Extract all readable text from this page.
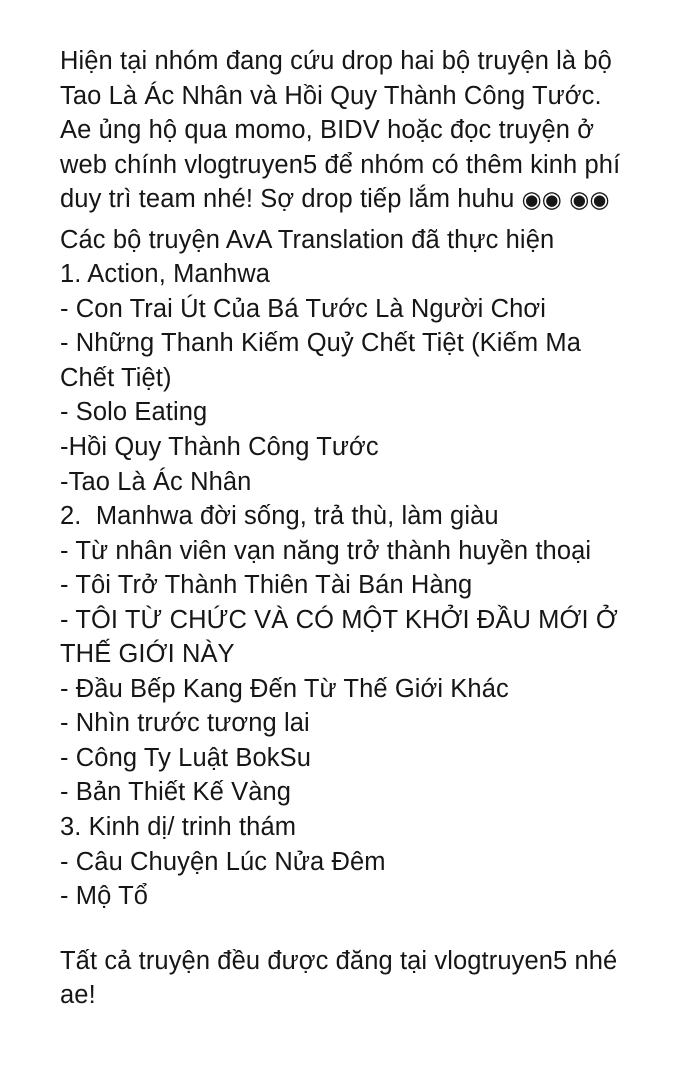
Hiện tại nhóm đang cứu drop hai bộ truyện là bộ Tao Là Ác Nhân và Hồi Quy Thành Công Tước. Ae ủng hộ qua momo, BIDV hoặc đọc truyện ở web chính vlogtruyen5 để nhóm có thêm kinh phí duy trì team nhé! Sợ drop tiếp lắm huhu ◉◉ ◉◉

Các bộ truyện AvA Translation đã thực hiện

1. Action, Manhwa

- Con Trai Út Của Bá Tước Là Người Chơi

- Những Thanh Kiếm Quỷ Chết Tiệt (Kiếm Ma Chết Tiệt)

- Solo Eating

-Hồi Quy Thành Công Tước

-Tao Là Ác Nhân

2.  Manhwa đời sống, trả thù, làm giàu

- Từ nhân viên vạn năng trở thành huyền thoại

- Tôi Trở Thành Thiên Tài Bán Hàng

- TÔI TỪ CHỨC VÀ CÓ MỘT KHỞI ĐẦU MỚI Ở THẾ GIỚI NÀY

- Đầu Bếp Kang Đến Từ Thế Giới Khác

- Nhìn trước tương lai

- Công Ty Luật BokSu

- Bản Thiết Kế Vàng

3. Kinh dị/ trinh thám

- Câu Chuyện Lúc Nửa Đêm

- Mộ Tổ

Tất cả truyện đều được đăng tại vlogtruyen5 nhé ae!
